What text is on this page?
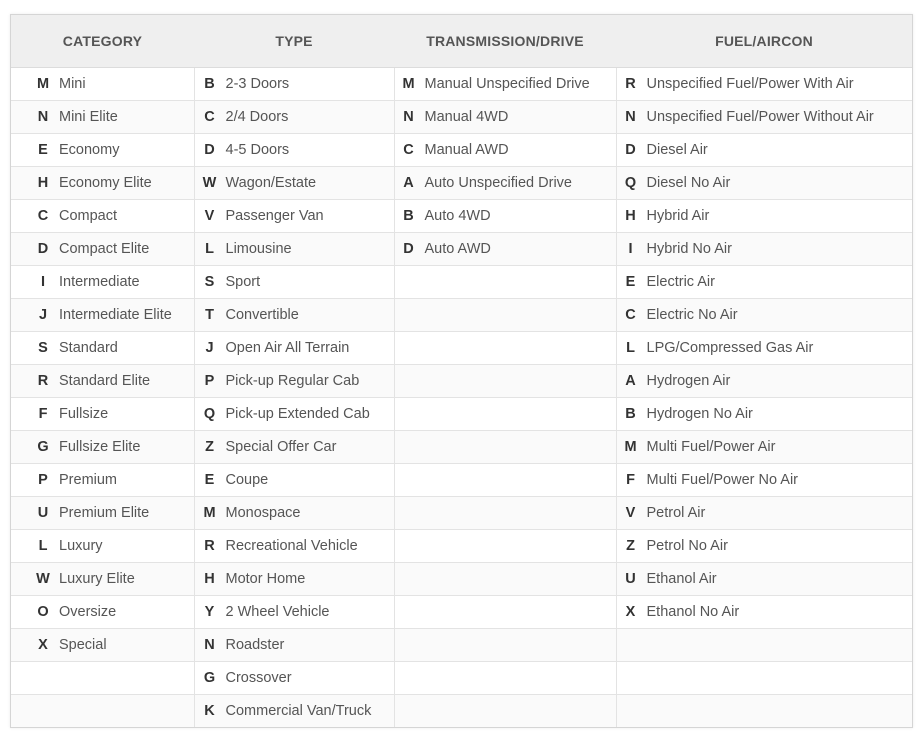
CATEGORY	TYPE	TRANSMISSION/DRIVE	FUEL/AIRCON

M Mini	B 2-3 Doors	M Manual Unspecified Drive	R Unspecified Fuel/Power With Air

N Mini Elite	C 2/4 Doors	N Manual 4WD	N Unspecified Fuel/Power Without Air

E Economy	D 4-5 Doors	C Manual AWD	D Diesel Air

H Economy Elite	W Wagon/Estate	A Auto Unspecified Drive	Q Diesel No Air

C Compact	V Passenger Van	B Auto 4WD	H Hybrid Air

D Compact Elite	L Limousine	D Auto AWD	I Hybrid No Air

I Intermediate	S Sport		E Electric Air

J Intermediate Elite	T Convertible		C Electric No Air

S Standard	J Open Air All Terrain		L LPG/Compressed Gas Air

R Standard Elite	P Pick-up Regular Cab		A Hydrogen Air

F Fullsize	Q Pick-up Extended Cab		B Hydrogen No Air

G Fullsize Elite	Z Special Offer Car		M Multi Fuel/Power Air

P Premium	E Coupe		F Multi Fuel/Power No Air

U Premium Elite	M Monospace		V Petrol Air

L Luxury	R Recreational Vehicle		Z Petrol No Air

W Luxury Elite	H Motor Home		U Ethanol Air

O Oversize	Y 2 Wheel Vehicle		X Ethanol No Air

X Special	N Roadster		

	G Crossover		

	K Commercial Van/Truck		
